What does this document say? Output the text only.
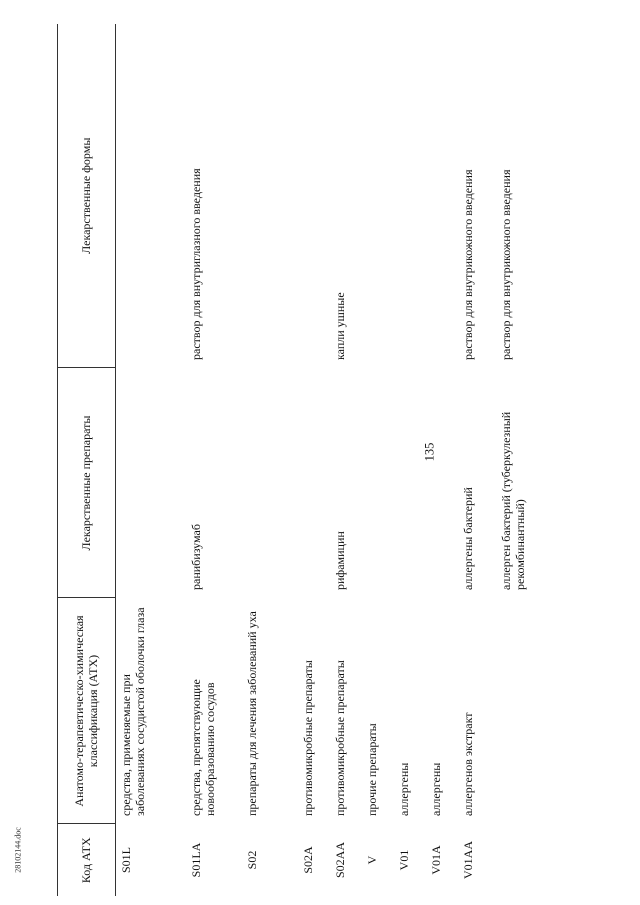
135
28102144.doc	Код АТХ	Анатомо-терапевтическо-химическая классификация (АТХ)	Лекарственные препараты	Лекарственные формы
S01L	средства, применяемые при заболеваниях сосудистой оболочки глаза		
S01LA	средства, препятствующие новообразованию сосудов	ранибизумаб	раствор для внутриглазного введения
S02	препараты для лечения заболеваний уха		
S02A	противомикробные препараты		
S02AA	противомикробные препараты	рифамицин	капли ушные
V	прочие препараты		
V01	аллергены		
V01A	аллергены		
V01AA	аллергенов экстракт	аллергены бактерий	раствор для внутрикожного введения
		аллерген бактерий (туберкулезный рекомбинантный)	раствор для внутрикожного введения
